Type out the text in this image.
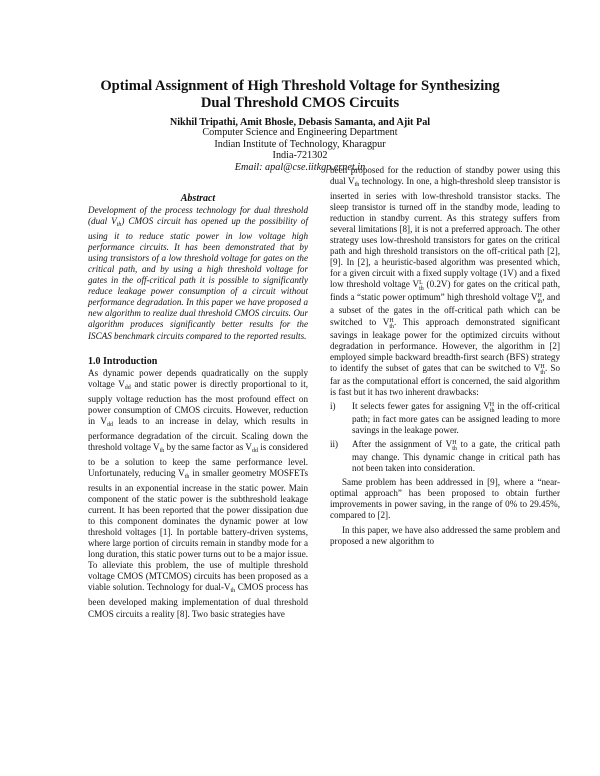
Optimal Assignment of High Threshold Voltage for Synthesizing
Dual Threshold CMOS Circuits
Nikhil Tripathi, Amit Bhosle, Debasis Samanta, and Ajit Pal
Computer Science and Engineering Department
Indian Institute of Technology, Kharagpur
India-721302
Email: apal@cse.iitkgp.ernet.in
Abstract

Development of the process technology for dual threshold (dual $V_{th}$) CMOS circuit has opened up the possibility of using it to reduce static power in low voltage high performance circuits. It has been demonstrated that by using transistors of a low threshold voltage for gates on the critical path, and by using a high threshold voltage for gates in the off-critical path it is possible to significantly reduce leakage power consumption of a circuit without performance degradation. In this paper we have proposed a new algorithm to realize dual threshold CMOS circuits. Our algorithm produces significantly better results for the ISCAS benchmark circuits compared to the reported results.

1.0 Introduction

As dynamic power depends quadratically on the supply voltage $V_{dd}$ and static power is directly proportional to it, supply voltage reduction has the most profound effect on power consumption of CMOS circuits. However, reduction in $V_{dd}$ leads to an increase in delay, which results in performance degradation of the circuit. Scaling down the threshold voltage $V_{th}$ by the same factor as $V_{dd}$ is considered to be a solution to keep the same performance level. Unfortunately, reducing $V_{th}$ in smaller geometry MOSFETs results in an exponential increase in the static power. Main component of the static power is the subthreshold leakage current. It has been reported that the power dissipation due to this component dominates the dynamic power at low threshold voltages [1]. In portable battery-driven systems, where large portion of circuits remain in standby mode for a long duration, this static power turns out to be a major issue. To alleviate this problem, the use of multiple threshold voltage CMOS (MTCMOS) circuits has been proposed as a viable solution. Technology for dual-$V_{th}$ CMOS process has been developed making implementation of dual threshold CMOS circuits a reality [8]. Two basic strategies have

been proposed for the reduction of standby power using this dual $V_{th}$ technology. In one, a high-threshold sleep transistor is inserted in series with low-threshold transistor stacks. The sleep transistor is turned off in the standby mode, leading to reduction in standby current. As this strategy suffers from several limitations [8], it is not a preferred approach. The other strategy uses low-threshold transistors for gates on the critical path and high threshold transistors on the off-critical path [2], [9]. In [2], a heuristic-based algorithm was presented which, for a given circuit with a fixed supply voltage (1V) and a fixed low threshold voltage VL
th (0.2V) for gates on the critical path, finds a “static power optimum” high threshold voltage VH
th, and a subset of the gates in the off-critical path which can be switched to VH
th. This approach demonstrated significant savings in leakage power for the optimized circuits without degradation in performance. However, the algorithm in [2] employed simple backward breadth-first search (BFS) strategy to identify the subset of gates that can be switched to VH
th. So far as the computational effort is concerned, the said algorithm is fast but it has two inherent drawbacks:

i)	It selects fewer gates for assigning VH
th in the off-critical path; in fact more gates can be assigned leading to more savings in the leakage power.
ii)	After the assignment of VH
th to a gate, the critical path may change. This dynamic change in critical path has not been taken into consideration.

Same problem has been addressed in [9], where a “near-optimal approach” has been proposed to obtain further improvements in power saving, in the range of 0% to 29.45%, compared to [2].

In this paper, we have also addressed the same problem and proposed a new algorithm to
